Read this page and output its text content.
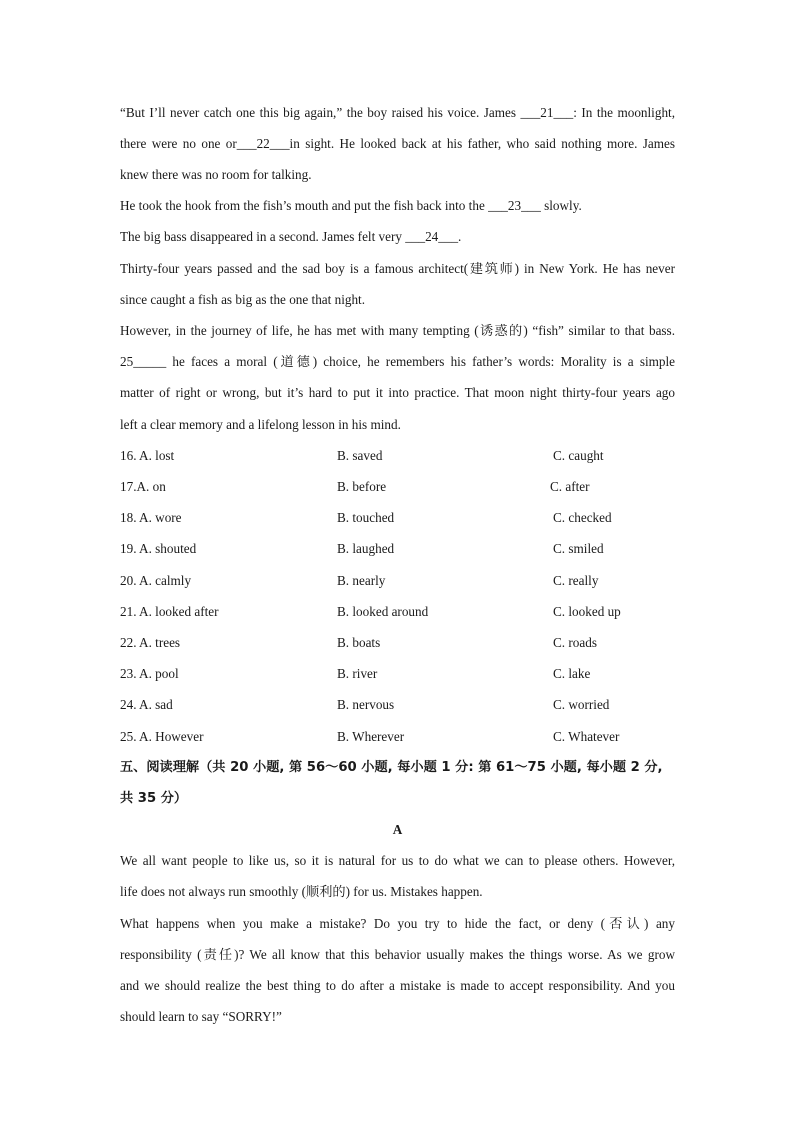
“But I’ll never catch one this big again,” the boy raised his voice. James ___21___: In the moonlight,
there were no one or___22___in sight. He looked back at his father, who said nothing more. James
knew there was no room for talking.
He took the hook from the fish’s mouth and put the fish back into the ___23___ slowly.
The big bass disappeared in a second. James felt very ___24___.
Thirty-four years passed and the sad boy is a famous architect(建筑师) in New York. He has never
since caught a fish as big as the one that night.
However, in the journey of life, he has met with many tempting (诱惑的) “fish” similar to that bass.
25_____ he faces a moral (道德) choice, he remembers his father’s words: Morality is a simple
matter of right or wrong, but it’s hard to put it into practice. That moon night thirty-four years ago
left a clear memory and a lifelong lesson in his mind.
16. A. lost	B. saved	C. caught
17.A. on	B. before	C. after
18. A. wore	B. touched	C. checked
19. A. shouted	B. laughed	C. smiled
20. A. calmly	B. nearly	C. really
21. A. looked after	B. looked around	C. looked up
22. A. trees	B. boats	C. roads
23. A. pool	B. river	C. lake
24. A. sad	B. nervous	C. worried
25. A. However	B. Wherever	C. Whatever
五、阅读理解（共 20 小题, 第 56～60 小题, 每小题 1 分: 第 61～75 小题, 每小题 2 分,
共 35 分）
A
We all want people to like us, so it is natural for us to do what we can to please others. However,
life does not always run smoothly (顺利的) for us. Mistakes happen.
What happens when you make a mistake? Do you try to hide the fact, or deny (否认) any
responsibility (责任)? We all know that this behavior usually makes the things worse. As we grow
and we should realize the best thing to do after a mistake is made to accept responsibility. And you
should learn to say “SORRY!”
